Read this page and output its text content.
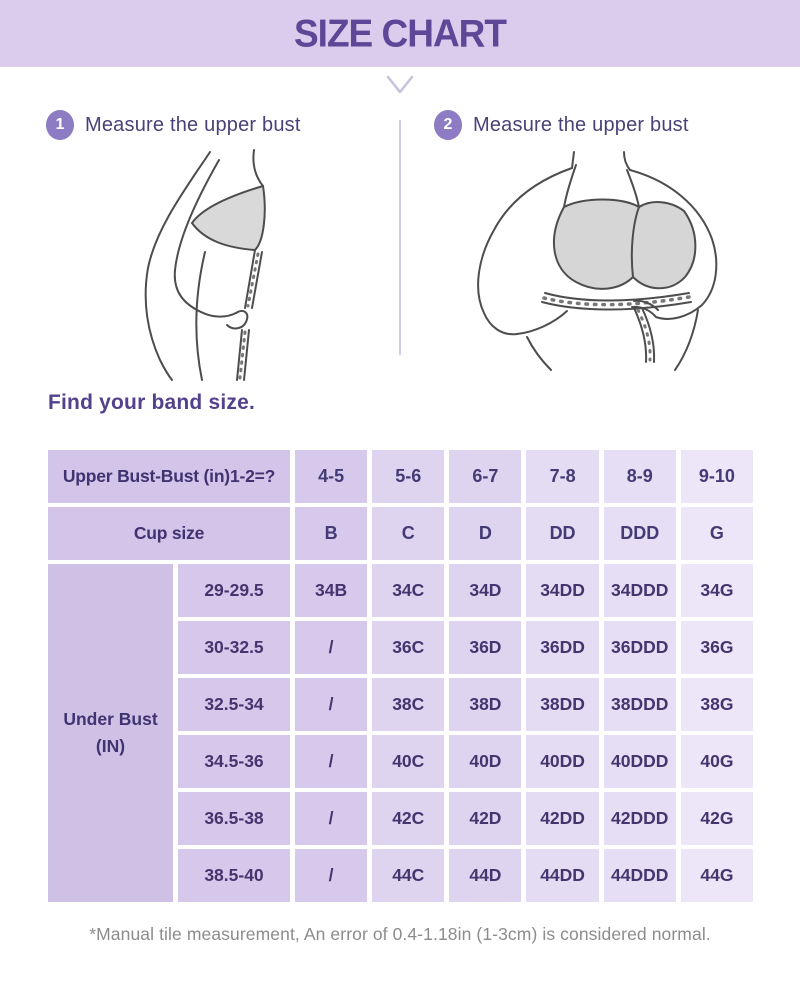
SIZE CHART
1	Measure the upper bust	2	Measure the upper bust
Find your band size.
Upper Bust-Bust (in)1-2=?	4-5	5-6	6-7	7-8	8-9	9-10
Cup size	B	C	D	DD	DDD	G
Under Bust (IN)
29-29.5	34B	34C	34D	34DD	34DDD	34G
30-32.5	/	36C	36D	36DD	36DDD	36G
32.5-34	/	38C	38D	38DD	38DDD	38G
34.5-36	/	40C	40D	40DD	40DDD	40G
36.5-38	/	42C	42D	42DD	42DDD	42G
38.5-40	/	44C	44D	44DD	44DDD	44G
*Manual tile measurement, An error of 0.4-1.18in (1-3cm) is considered normal.
